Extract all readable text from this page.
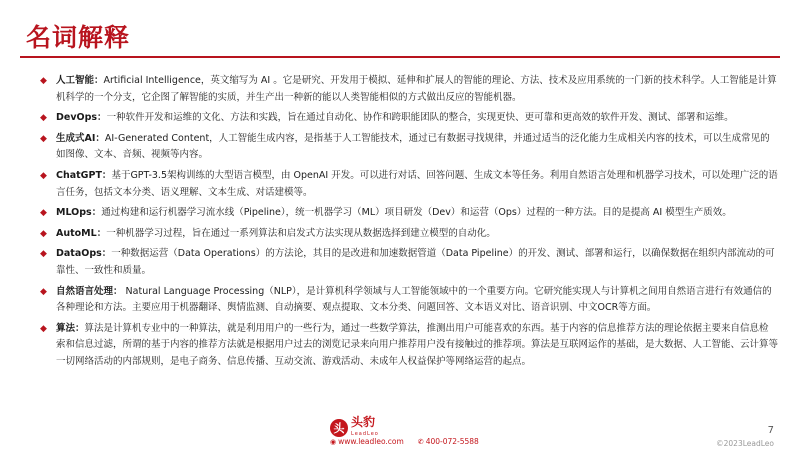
名词解释
◆ 人工智能：Artificial Intelligence，英文缩写为 AI 。它是研究、开发用于模拟、延伸和扩展人的智能的理论、方法、技术及应用系统的一门新的技术科学。人工智能是计算机科学的一个分支，它企图了解智能的实质，并生产出一种新的能以人类智能相似的方式做出反应的智能机器。
◆ DevOps：一种软件开发和运维的文化、方法和实践，旨在通过自动化、协作和跨职能团队的整合，实现更快、更可靠和更高效的软件开发、测试、部署和运维。
◆ 生成式AI：AI-Generated Content，人工智能生成内容，是指基于人工智能技术，通过已有数据寻找规律，并通过适当的泛化能力生成相关内容的技术，可以生成常见的如图像、文本、音频、视频等内容。
◆ ChatGPT：基于GPT-3.5架构训练的大型语言模型，由 OpenAI 开发。可以进行对话、回答问题、生成文本等任务。利用自然语言处理和机器学习技术，可以处理广泛的语言任务，包括文本分类、语义理解、文本生成、对话建模等。
◆ MLOps：通过构建和运行机器学习流水线（Pipeline），统一机器学习（ML）项目研发（Dev）和运营（Ops）过程的一种方法。目的是提高 AI 模型生产质效。
◆ AutoML：一种机器学习过程，旨在通过一系列算法和启发式方法实现从数据选择到建立模型的自动化。
◆ DataOps：一种数据运营（Data Operations）的方法论，其目的是改进和加速数据管道（Data Pipeline）的开发、测试、部署和运行，以确保数据在组织内部流动的可靠性、一致性和质量。
◆ 自然语言处理： Natural Language Processing（NLP），是计算机科学领域与人工智能领域中的一个重要方向。它研究能实现人与计算机之间用自然语言进行有效通信的各种理论和方法。主要应用于机器翻译、舆情监测、自动摘要、观点提取、文本分类、问题回答、文本语义对比、语音识别、中文OCR等方面。
◆ 算法：算法是计算机专业中的一种算法，就是利用用户的一些行为，通过一些数学算法，推测出用户可能喜欢的东西。基于内容的信息推荐方法的理论依据主要来自信息检索和信息过滤，所谓的基于内容的推荐方法就是根据用户过去的浏览记录来向用户推荐用户没有接触过的推荐项。算法是互联网运作的基础，是大数据、人工智能、云计算等一切网络活动的内部规则，是电子商务、信息传播、互动交流、游戏活动、未成年人权益保护等网络运营的起点。
头 头豹
LeadLeo
◉ www.leadleo.com ✆ 400-072-5588
7
©2023LeadLeo
